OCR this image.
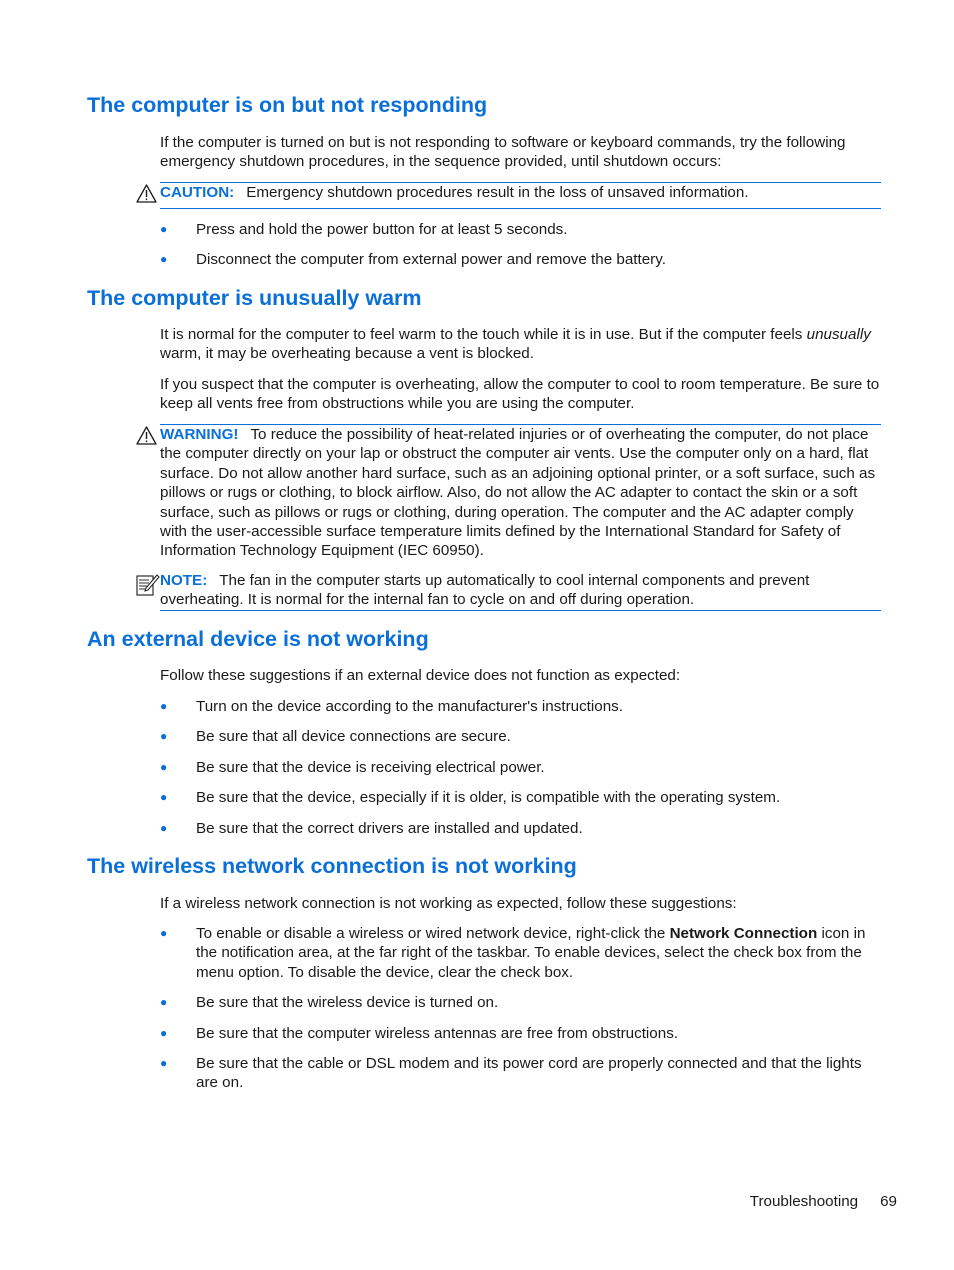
The computer is on but not responding

If the computer is turned on but is not responding to software or keyboard commands, try the following emergency shutdown procedures, in the sequence provided, until shutdown occurs:

CAUTION: Emergency shutdown procedures result in the loss of unsaved information.
● Press and hold the power button for at least 5 seconds.
● Disconnect the computer from external power and remove the battery.
The computer is unusually warm

It is normal for the computer to feel warm to the touch while it is in use. But if the computer feels unusually warm, it may be overheating because a vent is blocked.

If you suspect that the computer is overheating, allow the computer to cool to room temperature. Be sure to keep all vents free from obstructions while you are using the computer.

WARNING! To reduce the possibility of heat-related injuries or of overheating the computer, do not place the computer directly on your lap or obstruct the computer air vents. Use the computer only on a hard, flat surface. Do not allow another hard surface, such as an adjoining optional printer, or a soft surface, such as pillows or rugs or clothing, to block airflow. Also, do not allow the AC adapter to contact the skin or a soft surface, such as pillows or rugs or clothing, during operation. The computer and the AC adapter comply with the user-accessible surface temperature limits defined by the International Standard for Safety of Information Technology Equipment (IEC 60950).
NOTE: The fan in the computer starts up automatically to cool internal components and prevent overheating. It is normal for the internal fan to cycle on and off during operation.
An external device is not working

Follow these suggestions if an external device does not function as expected:

● Turn on the device according to the manufacturer's instructions.
● Be sure that all device connections are secure.
● Be sure that the device is receiving electrical power.
● Be sure that the device, especially if it is older, is compatible with the operating system.
● Be sure that the correct drivers are installed and updated.
The wireless network connection is not working

If a wireless network connection is not working as expected, follow these suggestions:

● To enable or disable a wireless or wired network device, right-click the Network Connection icon in the notification area, at the far right of the taskbar. To enable devices, select the check box from the menu option. To disable the device, clear the check box.
● Be sure that the wireless device is turned on.
● Be sure that the computer wireless antennas are free from obstructions.
● Be sure that the cable or DSL modem and its power cord are properly connected and that the lights are on.
Troubleshooting 69
